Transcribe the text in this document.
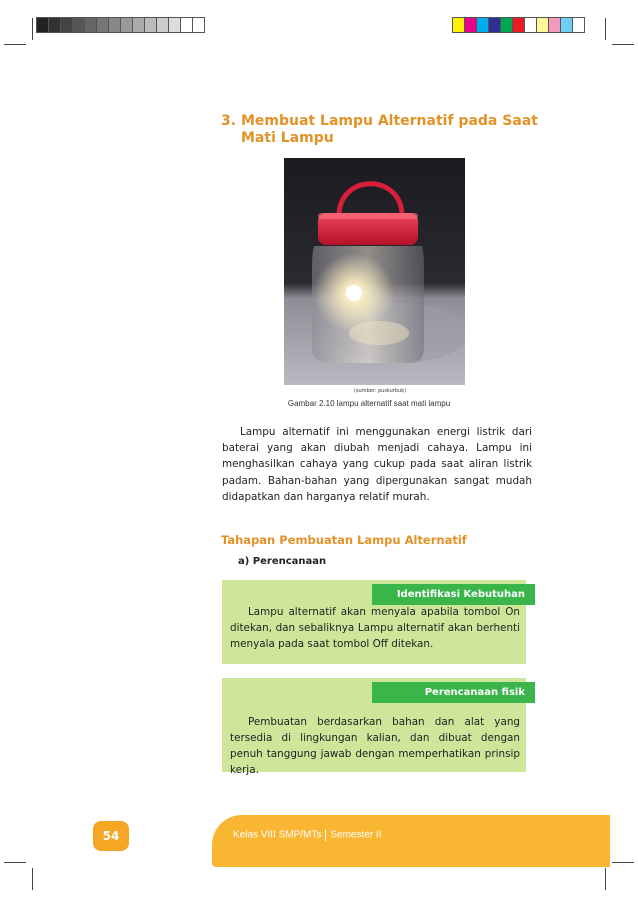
3. Membuat Lampu Alternatif pada Saat Mati Lampu
(sumber: puskurbuk)
Gambar 2.10 lampu alternatif saat mati lampu

Lampu alternatif ini menggunakan energi listrik dari baterai yang akan diubah menjadi cahaya. Lampu ini menghasilkan cahaya yang cukup pada saat aliran listrik padam. Bahan-bahan yang dipergunakan sangat mudah didapatkan dan harganya relatif murah.

Tahapan Pembuatan Lampu Alternatif
a) Perencanaan
Identifikasi Kebutuhan

Lampu alternatif akan menyala apabila tombol On ditekan, dan sebaliknya Lampu alternatif akan berhenti menyala pada saat tombol Off ditekan.

Perencanaan fisik

Pembuatan berdasarkan bahan dan alat yang tersedia di lingkungan kalian, dan dibuat dengan penuh tanggung jawab dengan memperhatikan prinsip kerja.

54	Kelas VIII SMP/MTs Semester II
